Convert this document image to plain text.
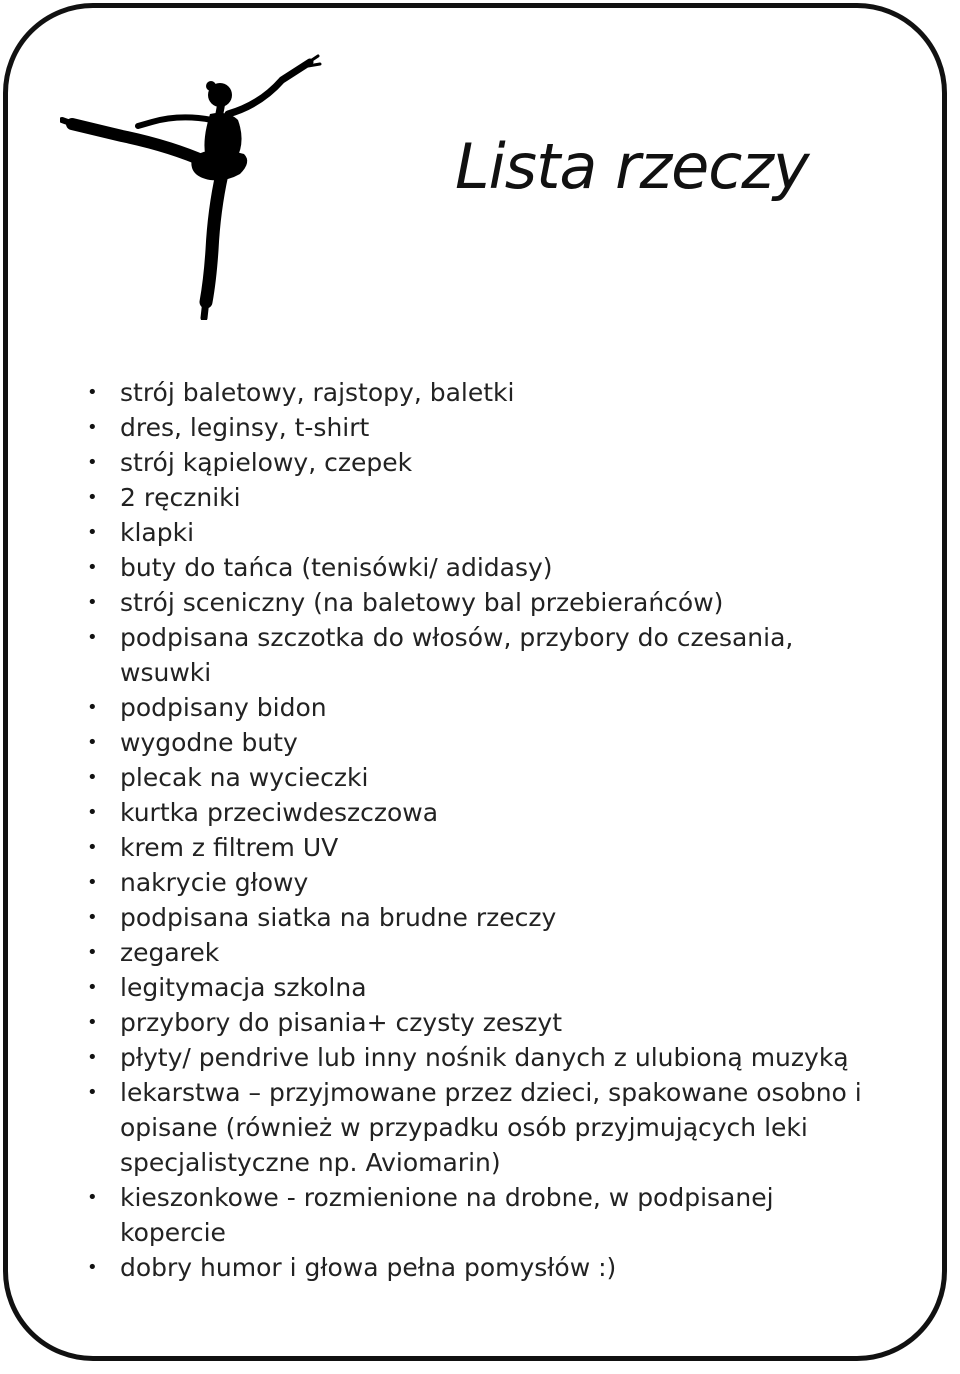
Lista rzeczy
• strój baletowy, rajstopy, baletki
• dres, leginsy, t-shirt
• strój kąpielowy, czepek
• 2 ręczniki
• klapki
• buty do tańca (tenisówki/ adidasy)
• strój sceniczny (na baletowy bal przebierańców)
• podpisana szczotka do włosów, przybory do czesania, wsuwki
• podpisany bidon
• wygodne buty
• plecak na wycieczki
• kurtka przeciwdeszczowa
• krem z filtrem UV
• nakrycie głowy
• podpisana siatka na brudne rzeczy
• zegarek
• legitymacja szkolna
• przybory do pisania+ czysty zeszyt
• płyty/ pendrive lub inny nośnik danych z ulubioną muzyką
• lekarstwa – przyjmowane przez dzieci, spakowane osobno i opisane (również w przypadku osób przyjmujących leki specjalistyczne np. Aviomarin)
• kieszonkowe - rozmienione na drobne, w podpisanej kopercie
• dobry humor i głowa pełna pomysłów :)
